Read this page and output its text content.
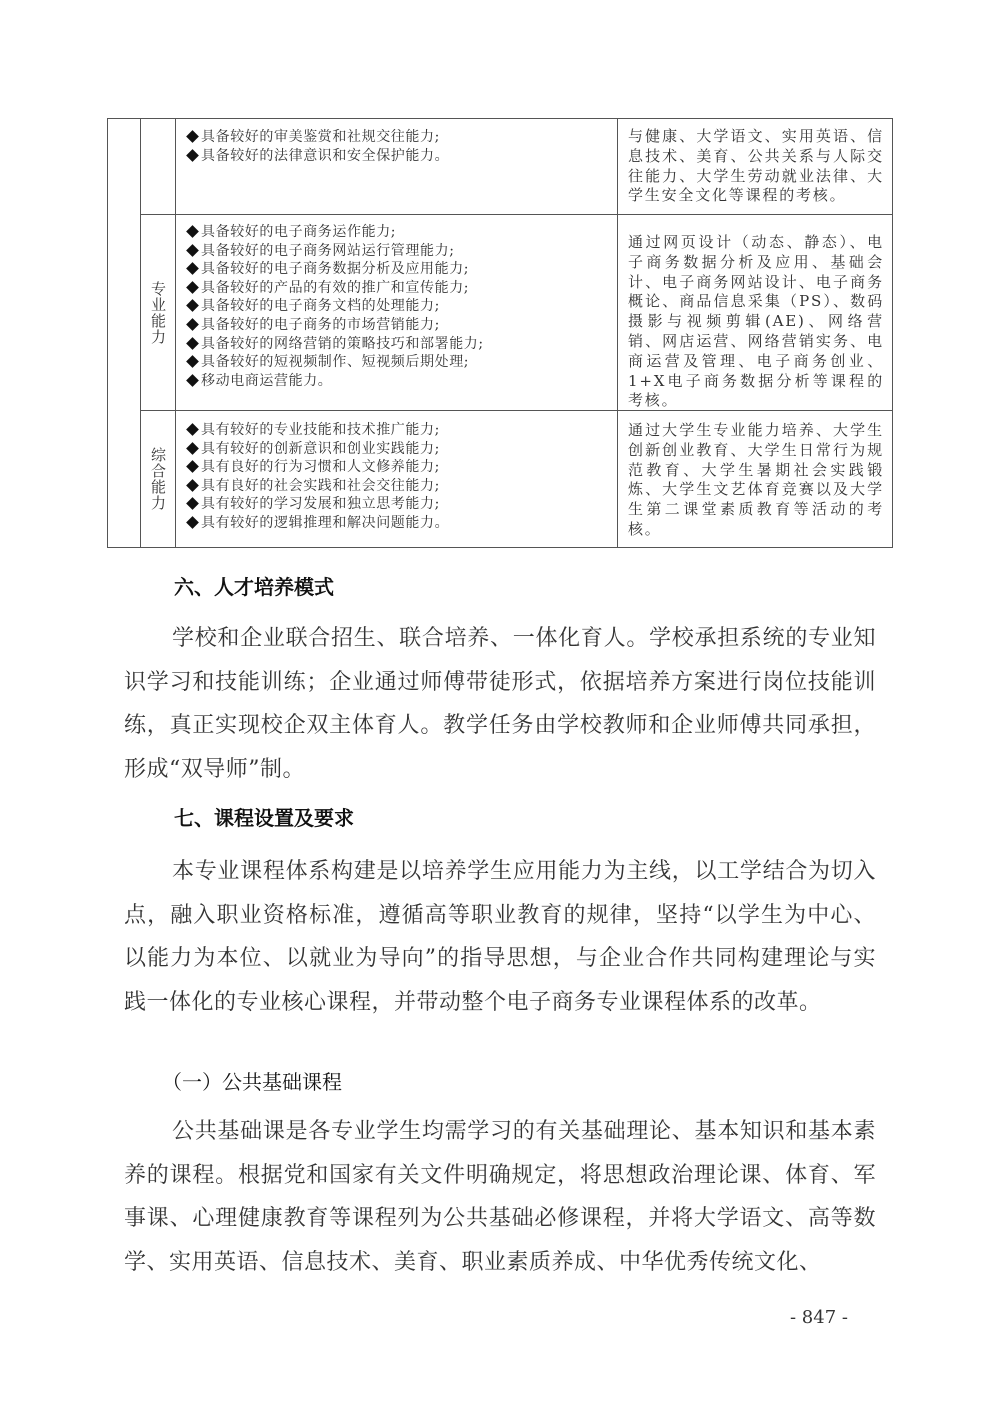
具备较好的审美鉴赏和社规交往能力;
具备较好的法律意识和安全保护能力。
与健康、大学语文、实用英语、信息技术、美育、公共关系与人际交往能力、大学生劳动就业法律、大学生安全文化等课程的考核。
专业能力
具备较好的电子商务运作能力;
具备较好的电子商务网站运行管理能力;
具备较好的电子商务数据分析及应用能力;
具备较好的产品的有效的推广和宣传能力;
具备较好的电子商务文档的处理能力;
具备较好的电子商务的市场营销能力;
具备较好的网络营销的策略技巧和部署能力;
具备较好的短视频制作、短视频后期处理;
移动电商运营能力。
通过网页设计（动态、静态）、电子商务数据分析及应用、基础会计、电子商务网站设计、电子商务概论、商品信息采集（PS）、数码摄影与视频剪辑(AE)、网络营销、网店运营、网络营销实务、电商运营及管理、电子商务创业、1+X电子商务数据分析等课程的考核。
综合能力
具有较好的专业技能和技术推广能力;
具有较好的创新意识和创业实践能力;
具有良好的行为习惯和人文修养能力;
具有良好的社会实践和社会交往能力;
具有较好的学习发展和独立思考能力;
具有较好的逻辑推理和解决问题能力。
通过大学生专业能力培养、大学生创新创业教育、大学生日常行为规范教育、大学生暑期社会实践锻炼、大学生文艺体育竞赛以及大学生第二课堂素质教育等活动的考核。
六、人才培养模式
学校和企业联合招生、联合培养、一体化育人。学校承担系统的专业知识学习和技能训练；企业通过师傅带徒形式，依据培养方案进行岗位技能训练，真正实现校企双主体育人。教学任务由学校教师和企业师傅共同承担，形成“双导师”制。
七、课程设置及要求
本专业课程体系构建是以培养学生应用能力为主线，以工学结合为切入点，融入职业资格标准，遵循高等职业教育的规律，坚持“以学生为中心、以能力为本位、以就业为导向”的指导思想，与企业合作共同构建理论与实践一体化的专业核心课程，并带动整个电子商务专业课程体系的改革。
（一）公共基础课程
公共基础课是各专业学生均需学习的有关基础理论、基本知识和基本素养的课程。根据党和国家有关文件明确规定，将思想政治理论课、体育、军事课、心理健康教育等课程列为公共基础必修课程，并将大学语文、高等数学、实用英语、信息技术、美育、职业素质养成、中华优秀传统文化、
- 847 -
